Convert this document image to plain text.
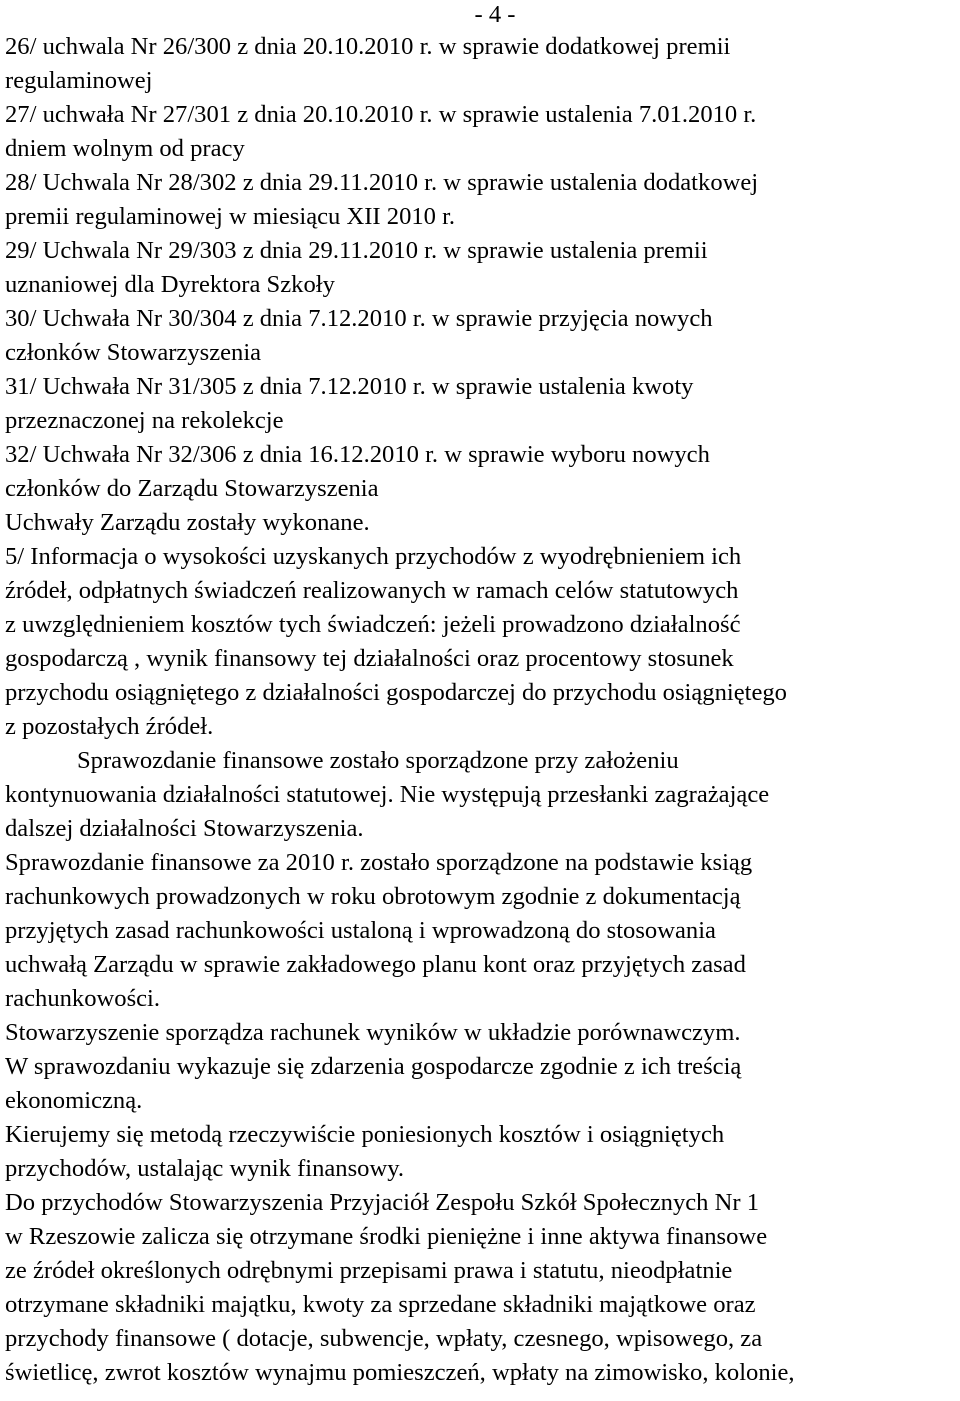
- 4 -
26/ uchwala Nr 26/300 z dnia 20.10.2010 r. w sprawie dodatkowej premii
regulaminowej
27/ uchwała Nr 27/301 z dnia 20.10.2010 r. w sprawie ustalenia 7.01.2010 r.
dniem wolnym od pracy
28/ Uchwala Nr 28/302 z dnia 29.11.2010 r. w sprawie ustalenia dodatkowej
premii regulaminowej w miesiącu XII 2010 r.
29/ Uchwala Nr 29/303 z dnia 29.11.2010 r. w sprawie ustalenia premii
uznaniowej dla Dyrektora Szkoły
30/ Uchwała Nr 30/304 z dnia 7.12.2010 r. w sprawie przyjęcia nowych
członków Stowarzyszenia
31/ Uchwała Nr 31/305 z dnia 7.12.2010 r. w sprawie ustalenia kwoty
przeznaczonej na rekolekcje
32/ Uchwała Nr 32/306 z dnia 16.12.2010 r. w sprawie wyboru nowych
członków do Zarządu Stowarzyszenia
Uchwały Zarządu zostały wykonane.
5/ Informacja o wysokości uzyskanych przychodów z wyodrębnieniem ich
źródeł, odpłatnych świadczeń realizowanych w ramach celów statutowych
z uwzględnieniem kosztów tych świadczeń: jeżeli prowadzono działalność
gospodarczą , wynik finansowy tej działalności oraz procentowy stosunek
przychodu osiągniętego z działalności gospodarczej do przychodu osiągniętego
z pozostałych źródeł.
Sprawozdanie finansowe zostało sporządzone przy założeniu
kontynuowania działalności statutowej. Nie występują przesłanki zagrażające
dalszej działalności Stowarzyszenia.
Sprawozdanie finansowe za 2010 r. zostało sporządzone na podstawie ksiąg
rachunkowych prowadzonych w roku obrotowym zgodnie z dokumentacją
przyjętych zasad rachunkowości ustaloną i wprowadzoną do stosowania
uchwałą Zarządu w sprawie zakładowego planu kont oraz przyjętych zasad
rachunkowości.
Stowarzyszenie sporządza rachunek wyników w układzie porównawczym.
W sprawozdaniu wykazuje się zdarzenia gospodarcze zgodnie z ich treścią
ekonomiczną.
Kierujemy się metodą rzeczywiście poniesionych kosztów i osiągniętych
przychodów, ustalając wynik finansowy.
Do przychodów Stowarzyszenia Przyjaciół Zespołu Szkół Społecznych Nr 1
w Rzeszowie zalicza się otrzymane środki pieniężne i inne aktywa finansowe
ze źródeł określonych odrębnymi przepisami prawa i statutu, nieodpłatnie
otrzymane składniki majątku, kwoty za sprzedane składniki majątkowe oraz
przychody finansowe ( dotacje, subwencje, wpłaty, czesnego, wpisowego, za
świetlicę, zwrot kosztów wynajmu pomieszczeń, wpłaty na zimowisko, kolonie,
